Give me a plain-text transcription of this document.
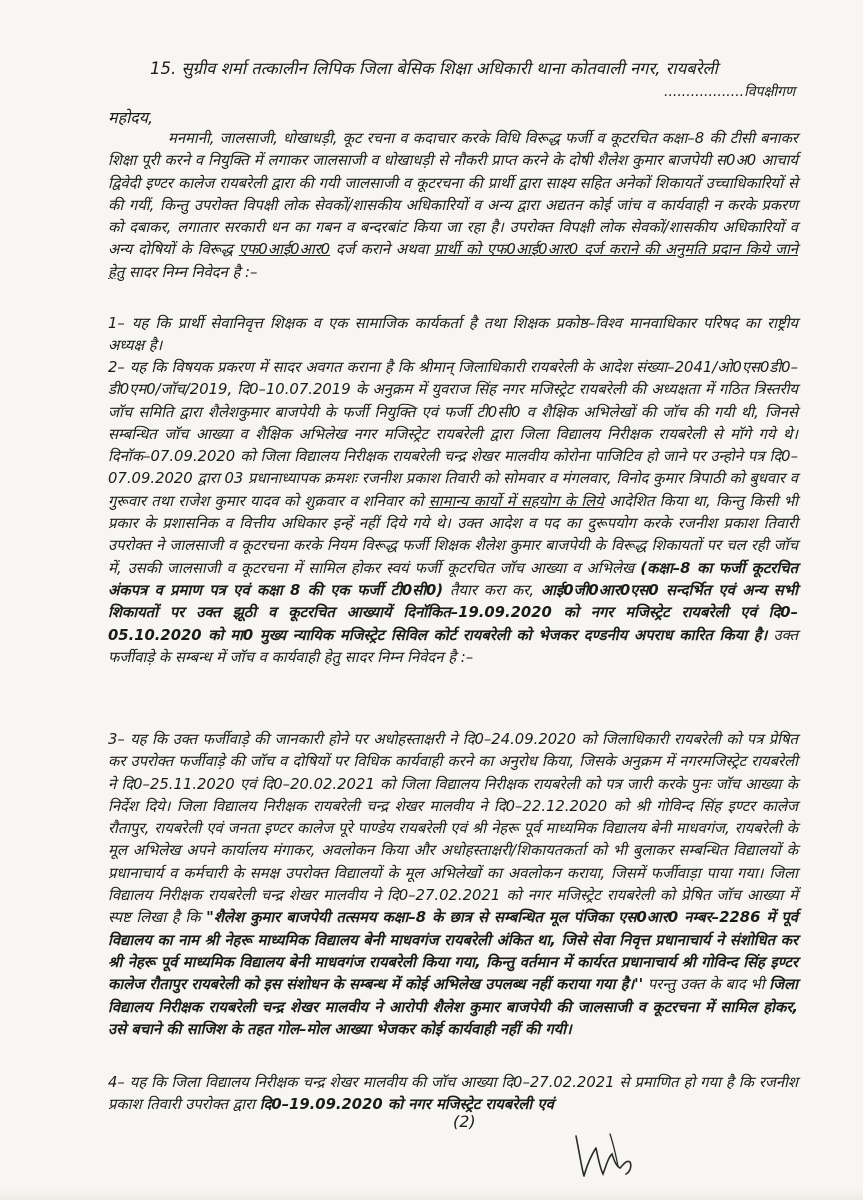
15. सुग्रीव शर्मा तत्कालीन लिपिक जिला बेसिक शिक्षा अधिकारी थाना कोतवाली नगर, रायबरेली
..................विपक्षीगण
महोदय,
मनमानी, जालसाजी, धोखाधड़ी, कूट रचना व कदाचार करके विधि विरूद्ध फर्जी व कूटरचित कक्षा–8 की टीसी बनाकर शिक्षा पूरी करने व नियुक्ति में लगाकर जालसाजी व धोखाधड़ी से नौकरी प्राप्त करने के दोषी शैलेश कुमार बाजपेयी स0अ0 आचार्य द्विवेदी इण्टर कालेज रायबरेली द्वारा की गयी जालसाजी व कूटरचना की प्रार्थी द्वारा साक्ष्य सहित अनेकों शिकायतें उच्चाधिकारियों से की गयीं, किन्तु उपरोक्त विपक्षी लोक सेवकों/शासकीय अधिकारियों व अन्य द्वारा अद्यतन कोई जांच व कार्यवाही न करके प्रकरण को दबाकर, लगातार सरकारी धन का गबन व बन्दरबांट किया जा रहा है। उपरोक्त विपक्षी लोक सेवकों/शासकीय अधिकारियों व अन्य दोषियों के विरूद्ध एफ0आई0आर0 दर्ज कराने अथवा प्रार्थी को एफ0आई0आर0 दर्ज कराने की अनुमति प्रदान किये जाने हेतु सादर निम्न निवेदन है :–
1– यह कि प्रार्थी सेवानिवृत्त शिक्षक व एक सामाजिक कार्यकर्ता है तथा शिक्षक प्रकोष्ठ–विश्व मानवाधिकार परिषद का राष्ट्रीय अध्यक्ष है।
2– यह कि विषयक प्रकरण में सादर अवगत कराना है कि श्रीमान् जिलाधिकारी रायबरेली के आदेश संख्या–2041/ओ0एस0डी0–डी0एम0/जॉच/2019, दि0–10.07.2019 के अनुक्रम में युवराज सिंह नगर मजिस्ट्रेट रायबरेली की अध्यक्षता में गठित त्रिस्तरीय जॉच समिति द्वारा शैलेशकुमार बाजपेयी के फर्जी नियुक्ति एवं फर्जी टी0सी0 व शैक्षिक अभिलेखों की जॉच की गयी थी, जिनसे सम्बन्धित जॉच आख्या व शैक्षिक अभिलेख नगर मजिस्ट्रेट रायबरेली द्वारा जिला विद्यालय निरीक्षक रायबरेली से मॉगे गये थे। दिनॉक–07.09.2020 को जिला विद्यालय निरीक्षक रायबरेली चन्द्र शेखर मालवीय कोरोना पाजिटिव हो जाने पर उन्होने पत्र दि0–07.09.2020 द्वारा 03 प्रधानाध्यापक क्रमशः रजनीश प्रकाश तिवारी को सोमवार व मंगलवार, विनोद कुमार त्रिपाठी को बुधवार व गुरूवार तथा राजेश कुमार यादव को शुक्रवार व शनिवार को सामान्य कार्यो में सहयोग के लिये आदेशित किया था, किन्तु किसी भी प्रकार के प्रशासनिक व वित्तीय अधिकार इन्हें नहीं दिये गये थे। उक्त आदेश व पद का दुरूपयोग करके रजनीश प्रकाश तिवारी उपरोक्त ने जालसाजी व कूटरचना करके नियम विरूद्ध फर्जी शिक्षक शैलेश कुमार बाजपेयी के विरूद्ध शिकायतों पर चल रही जॉच में, उसकी जालसाजी व कूटरचना में सामिल होकर स्वयं फर्जी कूटरचित जॉच आख्या व अभिलेख (कक्षा–8 का फर्जी कूटरचित अंकपत्र व प्रमाण पत्र एवं कक्षा 8 की एक फर्जी टी0सी0) तैयार करा कर, आई0जी0आर0एस0 सन्दर्भित एवं अन्य सभी शिकायतों पर उक्त झूठी व कूटरचित आख्यायें दिनॉकित–19.09.2020 को नगर मजिस्ट्रेट रायबरेली एवं दि0–05.10.2020 को मा0 मुख्य न्यायिक मजिस्ट्रेट सिविल कोर्ट रायबरेली को भेजकर दण्डनीय अपराध कारित किया है। उक्त फर्जीवाड़े के सम्बन्ध में जॉच व कार्यवाही हेतु सादर निम्न निवेदन है :–
3– यह कि उक्त फर्जीवाड़े की जानकारी होने पर अधोहस्ताक्षरी ने दि0–24.09.2020 को जिलाधिकारी रायबरेली को पत्र प्रेषित कर उपरोक्त फर्जीवाड़े की जॉच व दोषियों पर विधिक कार्यवाही करने का अनुरोध किया, जिसके अनुक्रम में नगरमजिस्ट्रेट रायबरेली ने दि0–25.11.2020 एवं दि0–20.02.2021 को जिला विद्यालय निरीक्षक रायबरेली को पत्र जारी करके पुनः जॉच आख्या के निर्देश दिये। जिला विद्यालय निरीक्षक रायबरेली चन्द्र शेखर मालवीय ने दि0–22.12.2020 को श्री गोविन्द सिंह इण्टर कालेज रौतापुर, रायबरेली एवं जनता इण्टर कालेज पूरे पाण्डेय रायबरेली एवं श्री नेहरू पूर्व माध्यमिक विद्यालय बेनी माधवगंज, रायबरेली के मूल अभिलेख अपने कार्यालय मंगाकर, अवलोकन किया और अधोहस्ताक्षरी/शिकायतकर्ता को भी बुलाकर सम्बन्धित विद्यालयों के प्रधानाचार्य व कर्मचारी के समक्ष उपरोक्त विद्यालयों के मूल अभिलेखों का अवलोकन कराया, जिसमें फर्जीवाड़ा पाया गया। जिला विद्यालय निरीक्षक रायबरेली चन्द्र शेखर मालवीय ने दि0–27.02.2021 को नगर मजिस्ट्रेट रायबरेली को प्रेषित जॉच आख्या में स्पष्ट लिखा है कि "शैलेश कुमार बाजपेयी तत्समय कक्षा–8 के छात्र से सम्बन्धित मूल पंजिका एस0आर0 नम्बर–2286 में पूर्व विद्यालय का नाम श्री नेहरू माध्यमिक विद्यालय बेनी माधवगंज रायबरेली अंकित था, जिसे सेवा निवृत्त प्रधानाचार्य ने संशोधित कर श्री नेहरू पूर्व माध्यमिक विद्यालय बेनी माधवगंज रायबरेली किया गया, किन्तु वर्तमान में कार्यरत प्रधानाचार्य श्री गोविन्द सिंह इण्टर कालेज रौतापुर रायबरेली को इस संशोधन के सम्बन्ध में कोई अभिलेख उपलब्ध नहीं कराया गया है।'' परन्तु उक्त के बाद भी जिला विद्यालय निरीक्षक रायबरेली चन्द्र शेखर मालवीय ने आरोपी शैलेश कुमार बाजपेयी की जालसाजी व कूटरचना में सामिल होकर, उसे बचाने की साजिश के तहत गोल–मोल आख्या भेजकर कोई कार्यवाही नहीं की गयी।
4– यह कि जिला विद्यालय निरीक्षक चन्द्र शेखर मालवीय की जॉच आख्या दि0–27.02.2021 से प्रमाणित हो गया है कि रजनीश प्रकाश तिवारी उपरोक्त द्वारा दि0–19.09.2020 को नगर मजिस्ट्रेट रायबरेली एवं
(2)
